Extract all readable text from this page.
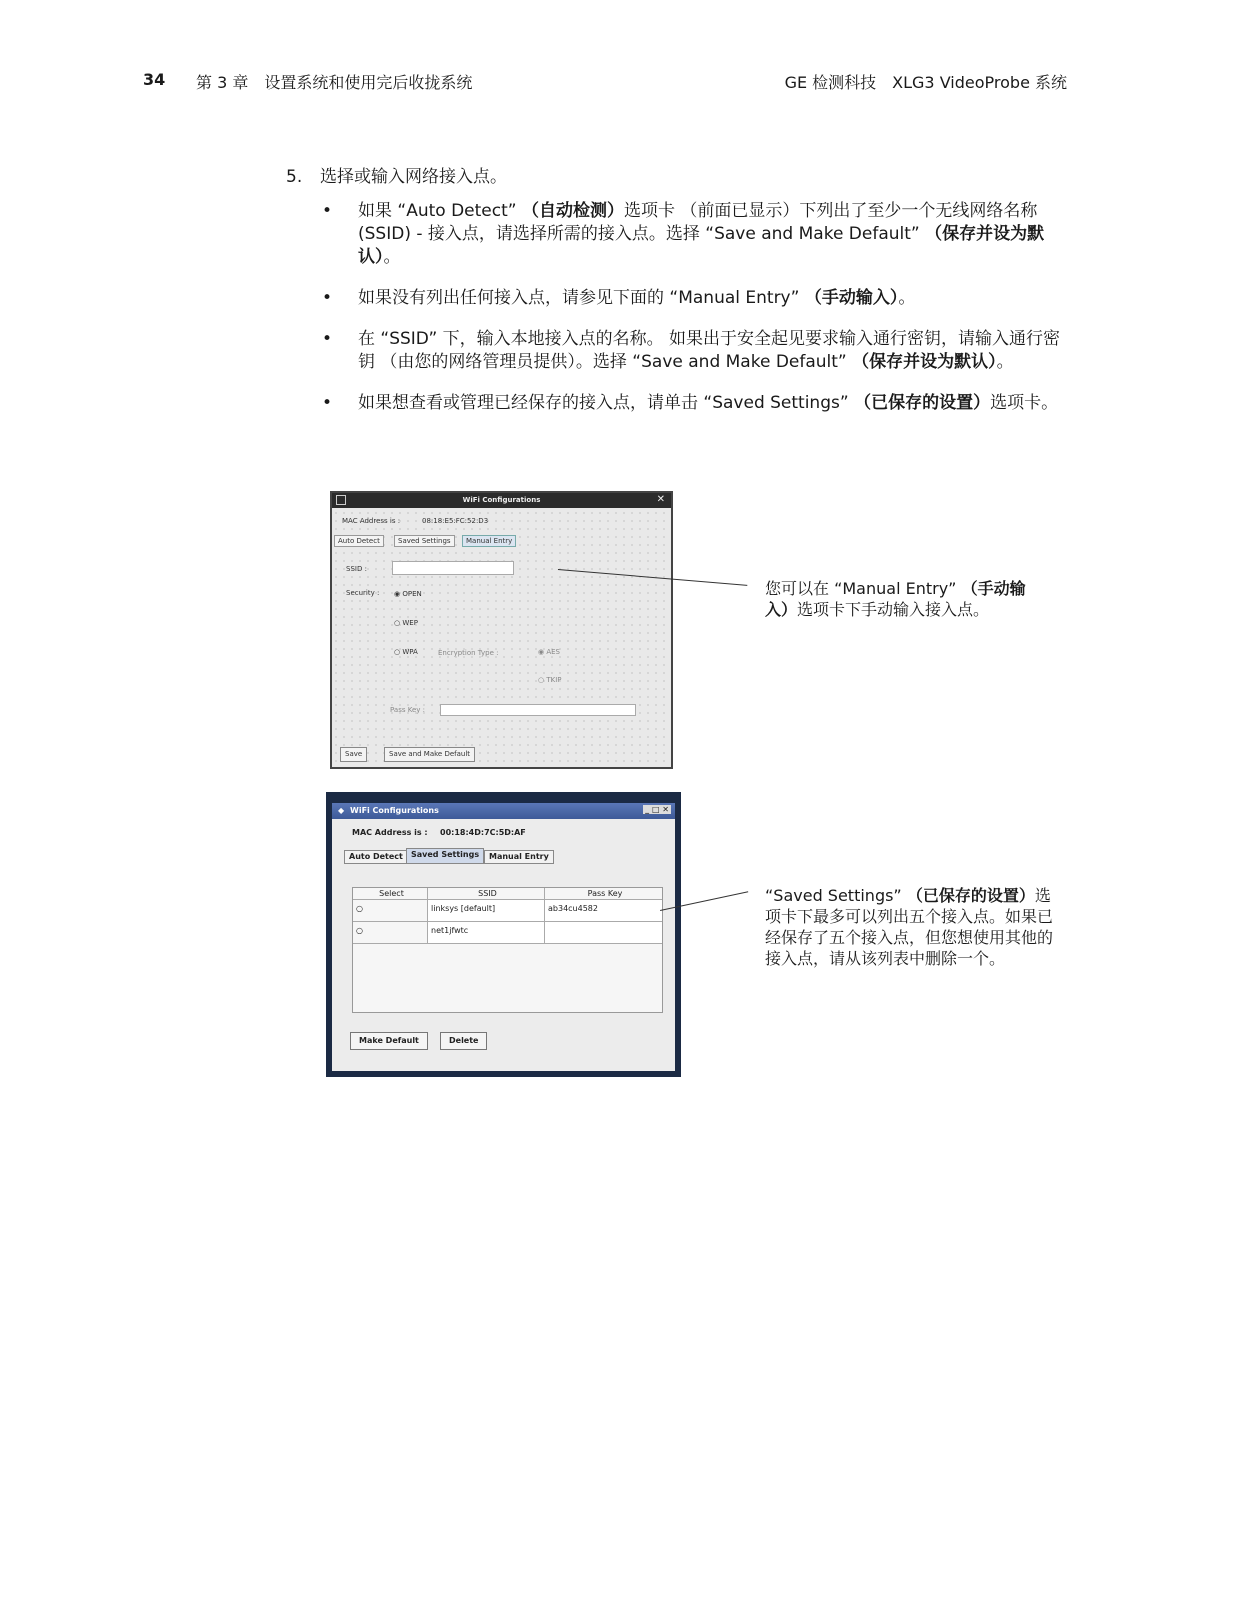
34 第 3 章　设置系统和使用完后收拢系统	GE 检测科技　XLG3 VideoProbe 系统
5. 选择或输入网络接入点。
• 如果 “Auto Detect” （自动检测）选项卡 （前面已显示）下列出了至少一个无线网络名称 (SSID) - 接入点，请选择所需的接入点。选择 “Save and Make Default” （保存并设为默认）。
• 如果没有列出任何接入点，请参见下面的 “Manual Entry” （手动输入）。
• 在 “SSID” 下，输入本地接入点的名称。 如果出于安全起见要求输入通行密钥，请输入通行密钥 （由您的网络管理员提供）。选择 “Save and Make Default” （保存并设为默认）。
• 如果想查看或管理已经保存的接入点，请单击 “Saved Settings” （已保存的设置）选项卡。
WiFi Configurations	✕
MAC Address is :	08:18:E5:FC:52:D3
Auto Detect	Saved Settings	Manual Entry
SSID :
Security : ◉ OPEN
○ WEP
○ WPA	Encryption Type :	◉ AES
○ TKIP
Pass Key :
Save	Save and Make Default
您可以在 “Manual Entry” （手动输入）选项卡下手动输入接入点。
MAC Address is : 00:18:4D:7C:5D:AF
Auto Detect	Saved Settings	Manual Entry
Select	SSID	Pass Key
○	linksys [default]	ab34cu4582
○	net1jfwtc
Make Default	Delete
◆ WiFi Configurations	_ □ ✕
“Saved Settings” （已保存的设置）选项卡下最多可以列出五个接入点。如果已经保存了五个接入点，但您想使用其他的接入点，请从该列表中删除一个。
